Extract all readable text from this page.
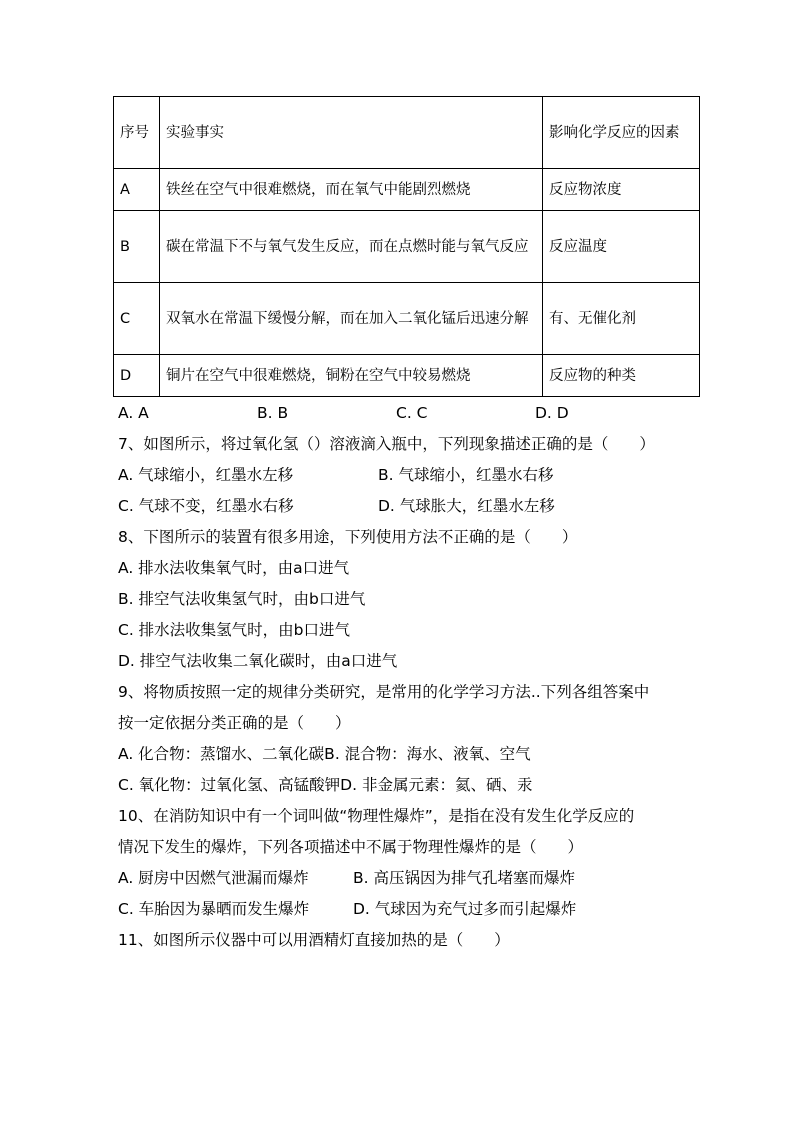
序号	实验事实	影响化学反应的因素
A	铁丝在空气中很难燃烧，而在氧气中能剧烈燃烧	反应物浓度
B	碳在常温下不与氧气发生反应，而在点燃时能与氧气反应	反应温度
C	双氧水在常温下缓慢分解，而在加入二氧化锰后迅速分解	有、无催化剂
D	铜片在空气中很难燃烧，铜粉在空气中较易燃烧	反应物的种类
A. A	B. B	C. C	D. D
7、如图所示，将过氧化氢（）溶液滴入瓶中，下列现象描述正确的是（　　）
A. 气球缩小，红墨水左移	B. 气球缩小，红墨水右移
C. 气球不变，红墨水右移	D. 气球胀大，红墨水左移
8、下图所示的装置有很多用途，下列使用方法不正确的是（　　）
A. 排水法收集氧气时，由a口进气
B. 排空气法收集氢气时，由b口进气
C. 排水法收集氢气时，由b口进气
D. 排空气法收集二氧化碳时，由a口进气
9、将物质按照一定的规律分类研究，是常用的化学学习方法..下列各组答案中
按一定依据分类正确的是（　　）
A. 化合物：蒸馏水、二氧化碳B. 混合物：海水、液氧、空气
C. 氧化物：过氧化氢、高锰酸钾D. 非金属元素：氦、硒、汞
10、在消防知识中有一个词叫做“物理性爆炸”，是指在没有发生化学反应的
情况下发生的爆炸，下列各项描述中不属于物理性爆炸的是（　　）
A. 厨房中因燃气泄漏而爆炸	B. 高压锅因为排气孔堵塞而爆炸
C. 车胎因为暴晒而发生爆炸	D. 气球因为充气过多而引起爆炸
11、如图所示仪器中可以用酒精灯直接加热的是（　　）
